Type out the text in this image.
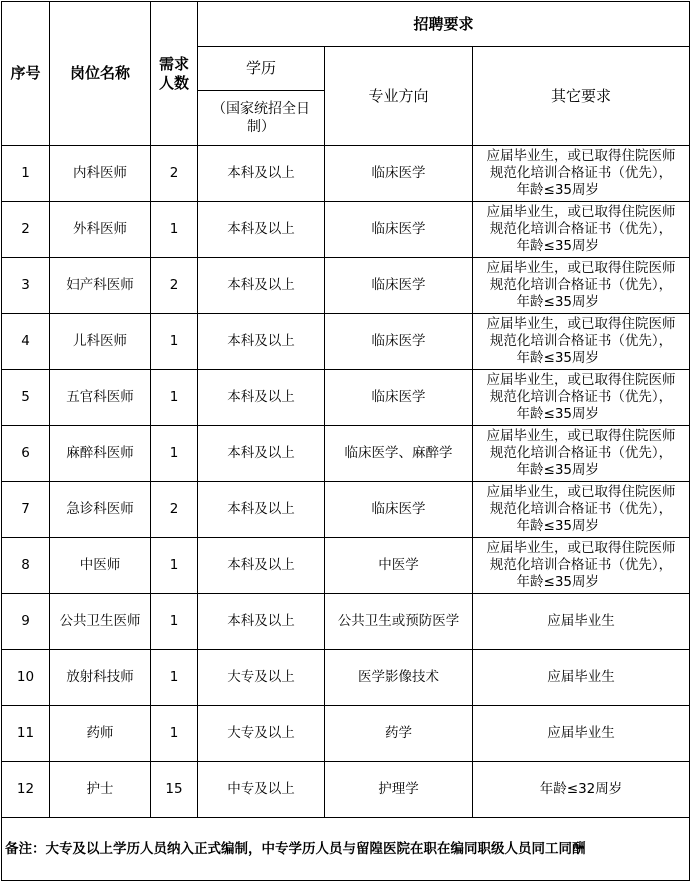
序号	岗位名称	需求人数	招聘要求		
			学历	专业方向	其它要求
			（国家统招全日制）		
1	内科医师	2	本科及以上	临床医学	应届毕业生，或已取得住院医师
规范化培训合格证书（优先），
年龄≤35周岁

2	外科医师	1	本科及以上	临床医学	应届毕业生，或已取得住院医师
规范化培训合格证书（优先），
年龄≤35周岁

3	妇产科医师	2	本科及以上	临床医学	应届毕业生，或已取得住院医师
规范化培训合格证书（优先），
年龄≤35周岁

4	儿科医师	1	本科及以上	临床医学	应届毕业生，或已取得住院医师
规范化培训合格证书（优先），
年龄≤35周岁

5	五官科医师	1	本科及以上	临床医学	应届毕业生，或已取得住院医师
规范化培训合格证书（优先），
年龄≤35周岁

6	麻醉科医师	1	本科及以上	临床医学、麻醉学	应届毕业生，或已取得住院医师
规范化培训合格证书（优先），
年龄≤35周岁

7	急诊科医师	2	本科及以上	临床医学	应届毕业生，或已取得住院医师
规范化培训合格证书（优先），
年龄≤35周岁

8	中医师	1	本科及以上	中医学	应届毕业生，或已取得住院医师
规范化培训合格证书（优先），
年龄≤35周岁

9	公共卫生医师	1	本科及以上	公共卫生或预防医学	应届毕业生

10	放射科技师	1	大专及以上	医学影像技术	应届毕业生

11	药师	1	大专及以上	药学	应届毕业生

12	护士	15	中专及以上	护理学	年龄≤32周岁

备注：大专及以上学历人员纳入正式编制，中专学历人员与留隍医院在职在编同职级人员同工同酬					
